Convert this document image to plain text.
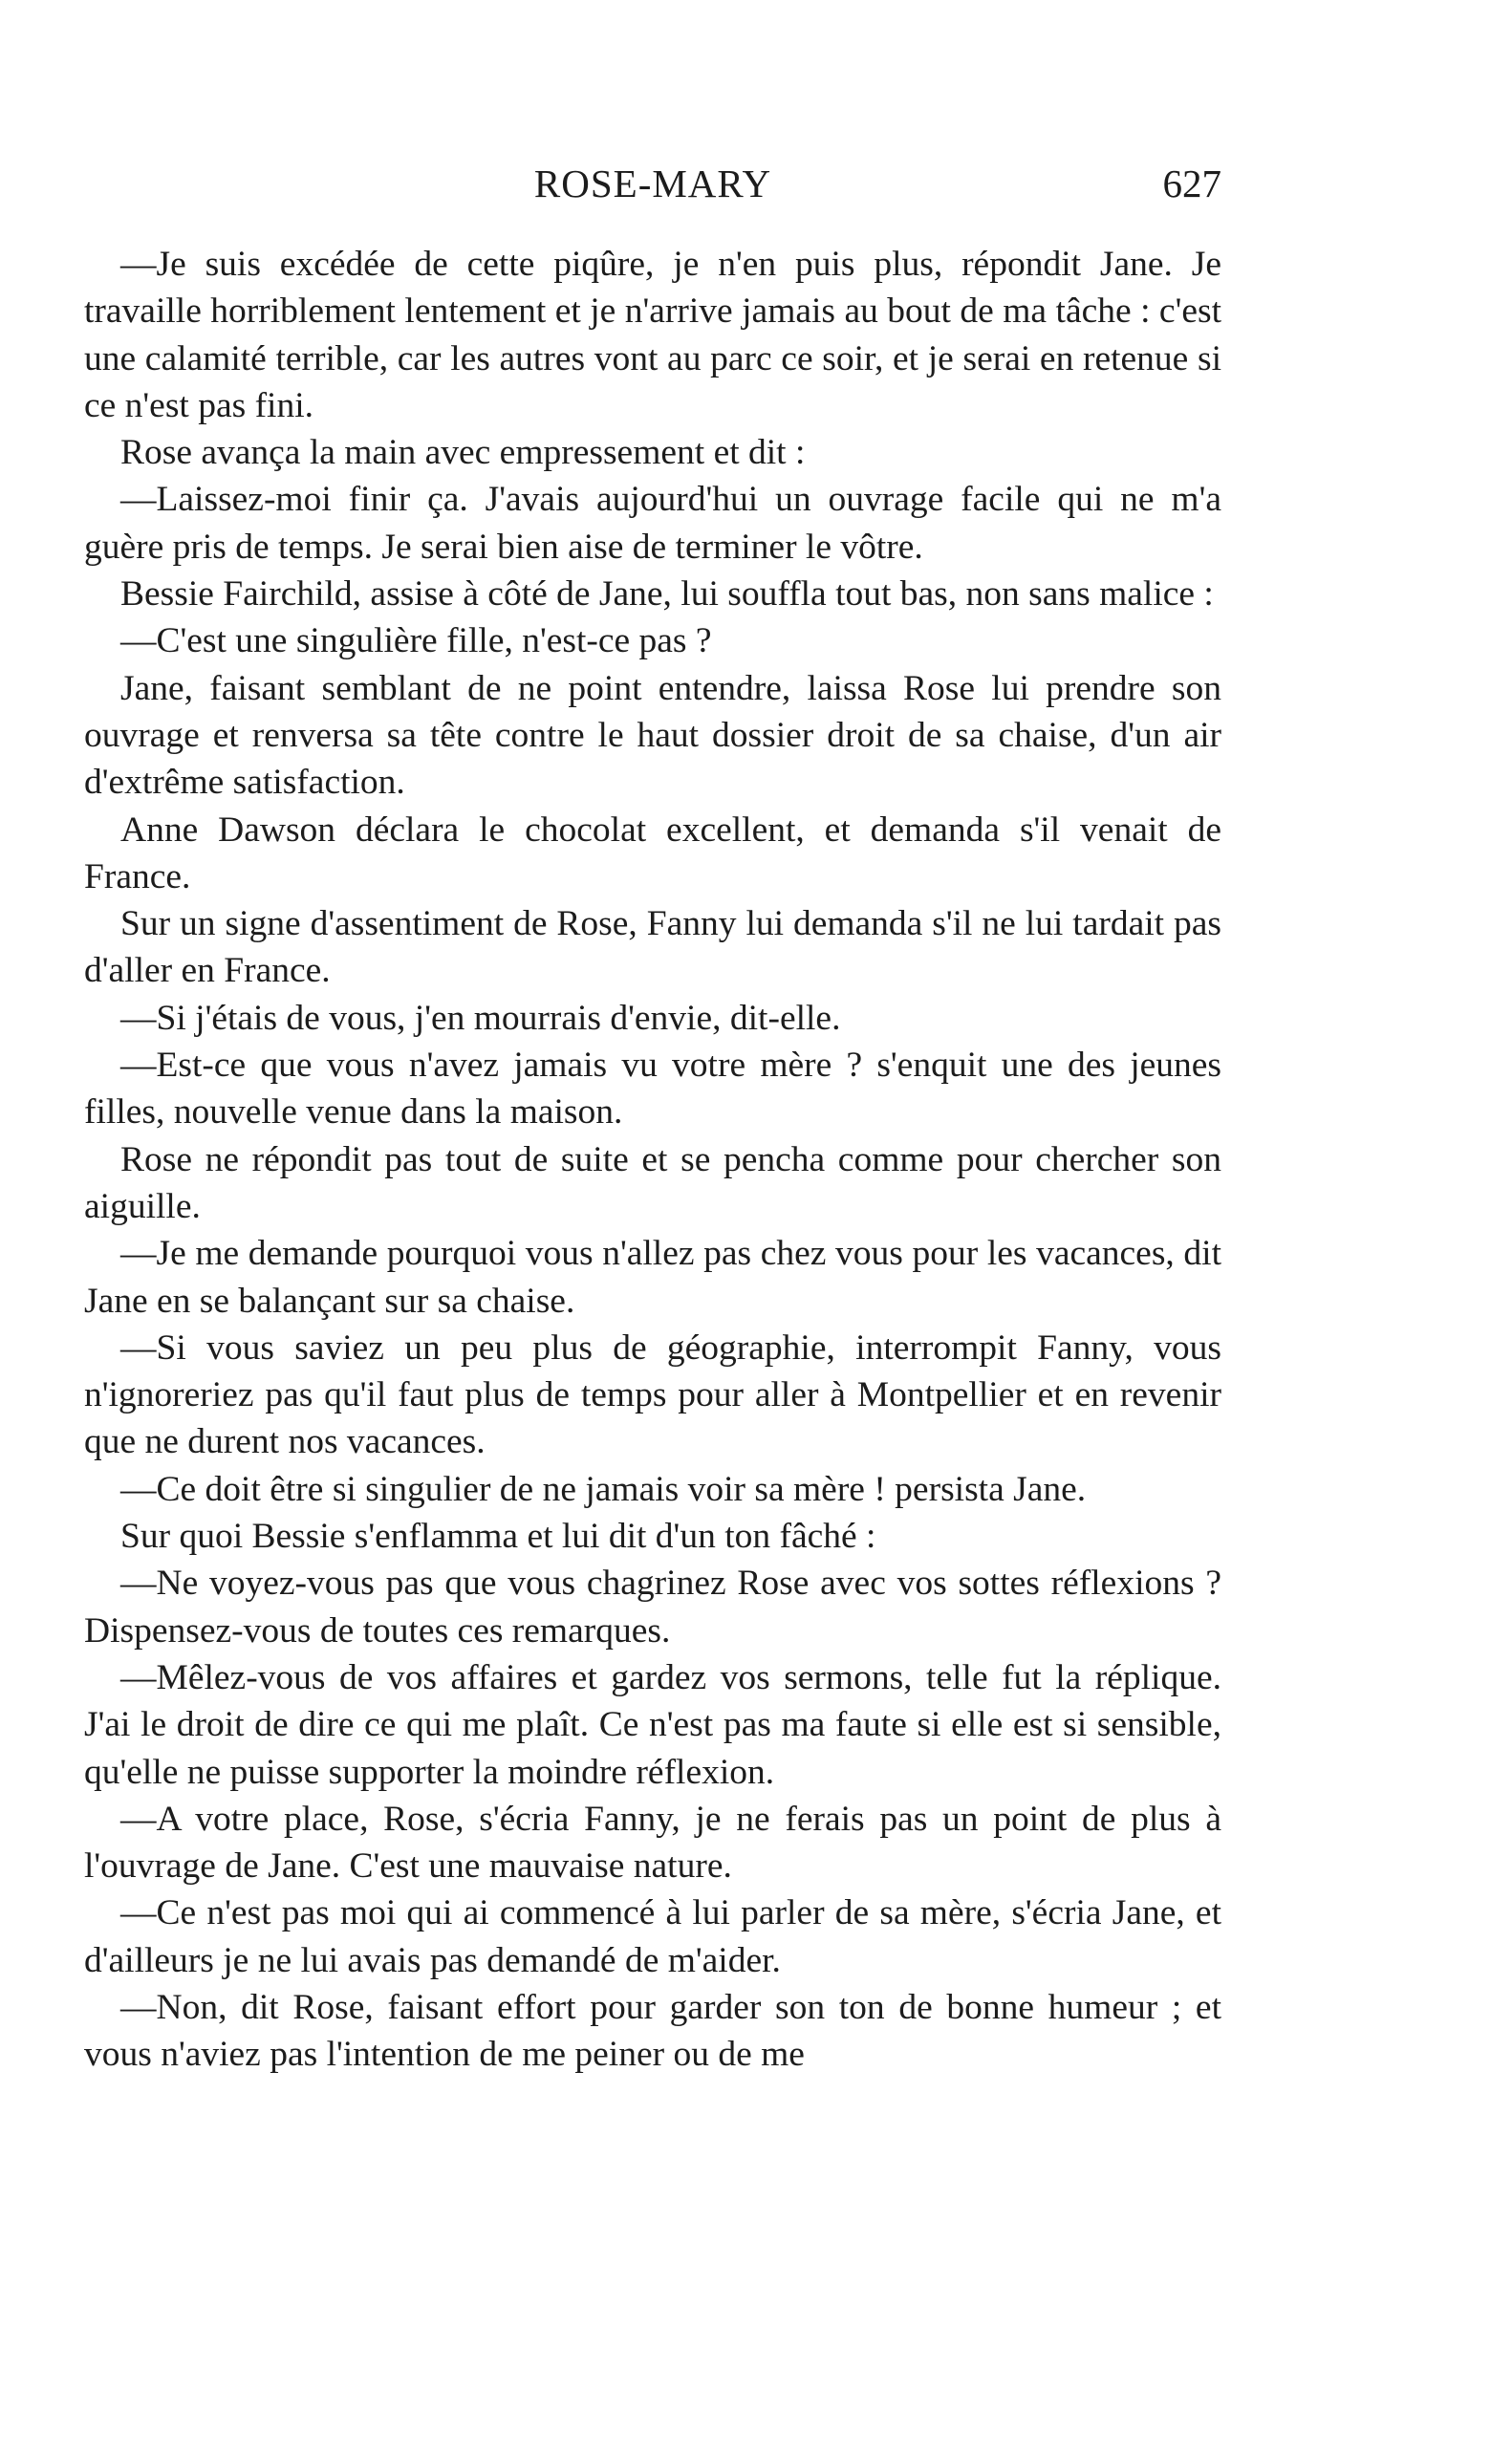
ROSE-MARY	627

—Je suis excédée de cette piqûre, je n'en puis plus, répondit Jane. Je travaille horriblement lentement et je n'arrive jamais au bout de ma tâche : c'est une calamité terrible, car les autres vont au parc ce soir, et je serai en retenue si ce n'est pas fini.

Rose avança la main avec empressement et dit :

—Laissez-moi finir ça. J'avais aujourd'hui un ouvrage facile qui ne m'a guère pris de temps. Je serai bien aise de terminer le vôtre.

Bessie Fairchild, assise à côté de Jane, lui souffla tout bas, non sans malice :

—C'est une singulière fille, n'est-ce pas ?

Jane, faisant semblant de ne point entendre, laissa Rose lui prendre son ouvrage et renversa sa tête contre le haut dossier droit de sa chaise, d'un air d'extrême satisfaction.

Anne Dawson déclara le chocolat excellent, et demanda s'il venait de France.

Sur un signe d'assentiment de Rose, Fanny lui demanda s'il ne lui tardait pas d'aller en France.

—Si j'étais de vous, j'en mourrais d'envie, dit-elle.

—Est-ce que vous n'avez jamais vu votre mère ? s'enquit une des jeunes filles, nouvelle venue dans la maison.

Rose ne répondit pas tout de suite et se pencha comme pour chercher son aiguille.

—Je me demande pourquoi vous n'allez pas chez vous pour les vacances, dit Jane en se balançant sur sa chaise.

—Si vous saviez un peu plus de géographie, interrompit Fanny, vous n'ignoreriez pas qu'il faut plus de temps pour aller à Montpellier et en revenir que ne durent nos vacances.

—Ce doit être si singulier de ne jamais voir sa mère ! persista Jane.

Sur quoi Bessie s'enflamma et lui dit d'un ton fâché :

—Ne voyez-vous pas que vous chagrinez Rose avec vos sottes réflexions ? Dispensez-vous de toutes ces remarques.

—Mêlez-vous de vos affaires et gardez vos sermons, telle fut la réplique. J'ai le droit de dire ce qui me plaît. Ce n'est pas ma faute si elle est si sensible, qu'elle ne puisse supporter la moindre réflexion.

—A votre place, Rose, s'écria Fanny, je ne ferais pas un point de plus à l'ouvrage de Jane. C'est une mauvaise nature.

—Ce n'est pas moi qui ai commencé à lui parler de sa mère, s'écria Jane, et d'ailleurs je ne lui avais pas demandé de m'aider.

—Non, dit Rose, faisant effort pour garder son ton de bonne humeur ; et vous n'aviez pas l'intention de me peiner ou de me
